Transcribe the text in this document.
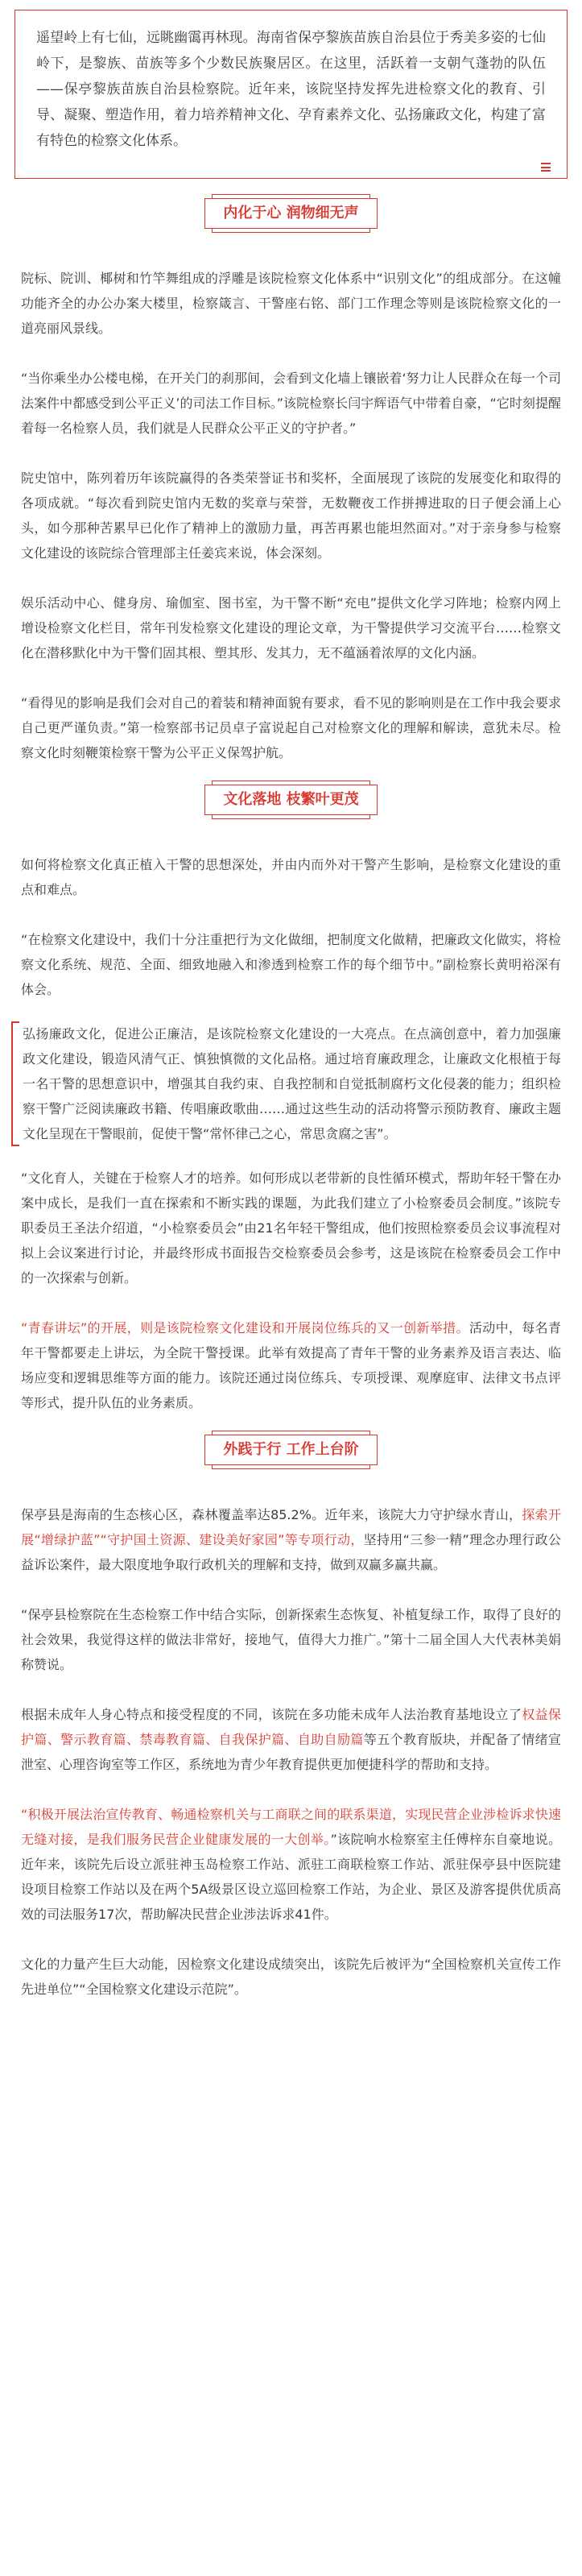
遥望岭上有七仙，远眺幽霭再林现。海南省保亭黎族苗族自治县位于秀美多姿的七仙岭下，是黎族、苗族等多个少数民族聚居区。在这里，活跃着一支朝气蓬勃的队伍——保亭黎族苗族自治县检察院。近年来，该院坚持发挥先进检察文化的教育、引导、凝聚、塑造作用，着力培养精神文化、孕育素养文化、弘扬廉政文化，构建了富有特色的检察文化体系。
内化于心 润物细无声

院标、院训、椰树和竹竿舞组成的浮雕是该院检察文化体系中“识别文化”的组成部分。在这幢功能齐全的办公办案大楼里，检察箴言、干警座右铭、部门工作理念等则是该院检察文化的一道亮丽风景线。

“当你乘坐办公楼电梯，在开关门的刹那间，会看到文化墙上镶嵌着‘努力让人民群众在每一个司法案件中都感受到公平正义’的司法工作目标。”该院检察长闫宇辉语气中带着自豪，“它时刻提醒着每一名检察人员，我们就是人民群众公平正义的守护者。”

院史馆中，陈列着历年该院赢得的各类荣誉证书和奖杯，全面展现了该院的发展变化和取得的各项成就。“每次看到院史馆内无数的奖章与荣誉，无数鞭夜工作拼搏进取的日子便会涌上心头，如今那种苦累早已化作了精神上的激励力量，再苦再累也能坦然面对。”对于亲身参与检察文化建设的该院综合管理部主任姜宾来说，体会深刻。

娱乐活动中心、健身房、瑜伽室、图书室，为干警不断“充电”提供文化学习阵地；检察内网上增设检察文化栏目，常年刊发检察文化建设的理论文章，为干警提供学习交流平台……检察文化在潜移默化中为干警们固其根、塑其形、发其力，无不蕴涵着浓厚的文化内涵。

“看得见的影响是我们会对自己的着装和精神面貌有要求，看不见的影响则是在工作中我会要求自己更严谨负责。”第一检察部书记员卓子富说起自己对检察文化的理解和解读，意犹未尽。检察文化时刻鞭策检察干警为公平正义保驾护航。

文化落地 枝繁叶更茂

如何将检察文化真正植入干警的思想深处，并由内而外对干警产生影响，是检察文化建设的重点和难点。

“在检察文化建设中，我们十分注重把行为文化做细，把制度文化做精，把廉政文化做实，将检察文化系统、规范、全面、细致地融入和渗透到检察工作的每个细节中。”副检察长黄明裕深有体会。

弘扬廉政文化，促进公正廉洁，是该院检察文化建设的一大亮点。在点滴创意中，着力加强廉政文化建设，锻造风清气正、慎独慎微的文化品格。通过培育廉政理念，让廉政文化根植于每一名干警的思想意识中，增强其自我约束、自我控制和自觉抵制腐朽文化侵袭的能力；组织检察干警广泛阅读廉政书籍、传唱廉政歌曲……通过这些生动的活动将警示预防教育、廉政主题文化呈现在干警眼前，促使干警“常怀律己之心，常思贪腐之害”。

“文化育人，关键在于检察人才的培养。如何形成以老带新的良性循环模式，帮助年轻干警在办案中成长，是我们一直在探索和不断实践的课题，为此我们建立了小检察委员会制度。”该院专职委员王圣法介绍道，“小检察委员会”由21名年轻干警组成，他们按照检察委员会议事流程对拟上会议案进行讨论，并最终形成书面报告交检察委员会参考，这是该院在检察委员会工作中的一次探索与创新。

“青春讲坛”的开展，则是该院检察文化建设和开展岗位练兵的又一创新举措。活动中，每名青年干警都要走上讲坛，为全院干警授课。此举有效提高了青年干警的业务素养及语言表达、临场应变和逻辑思维等方面的能力。该院还通过岗位练兵、专项授课、观摩庭审、法律文书点评等形式，提升队伍的业务素质。

外践于行 工作上台阶

保亭县是海南的生态核心区，森林覆盖率达85.2%。近年来，该院大力守护绿水青山，探索开展“增绿护蓝”“守护国土资源、建设美好家园”等专项行动，坚持用“三参一精”理念办理行政公益诉讼案件，最大限度地争取行政机关的理解和支持，做到双赢多赢共赢。

“保亭县检察院在生态检察工作中结合实际，创新探索生态恢复、补植复绿工作，取得了良好的社会效果，我觉得这样的做法非常好，接地气，值得大力推广。”第十二届全国人大代表林美娟称赞说。

根据未成年人身心特点和接受程度的不同，该院在多功能未成年人法治教育基地设立了权益保护篇、警示教育篇、禁毒教育篇、自我保护篇、自助自励篇等五个教育版块，并配备了情绪宣泄室、心理咨询室等工作区，系统地为青少年教育提供更加便捷科学的帮助和支持。

“积极开展法治宣传教育、畅通检察机关与工商联之间的联系渠道，实现民营企业涉检诉求快速无缝对接，是我们服务民营企业健康发展的一大创举。”该院响水检察室主任傅梓东自豪地说。近年来，该院先后设立派驻神玉岛检察工作站、派驻工商联检察工作站、派驻保亭县中医院建设项目检察工作站以及在两个5A级景区设立巡回检察工作站，为企业、景区及游客提供优质高效的司法服务17次，帮助解决民营企业涉法诉求41件。

文化的力量产生巨大动能，因检察文化建设成绩突出，该院先后被评为“全国检察机关宣传工作先进单位”“全国检察文化建设示范院”。
